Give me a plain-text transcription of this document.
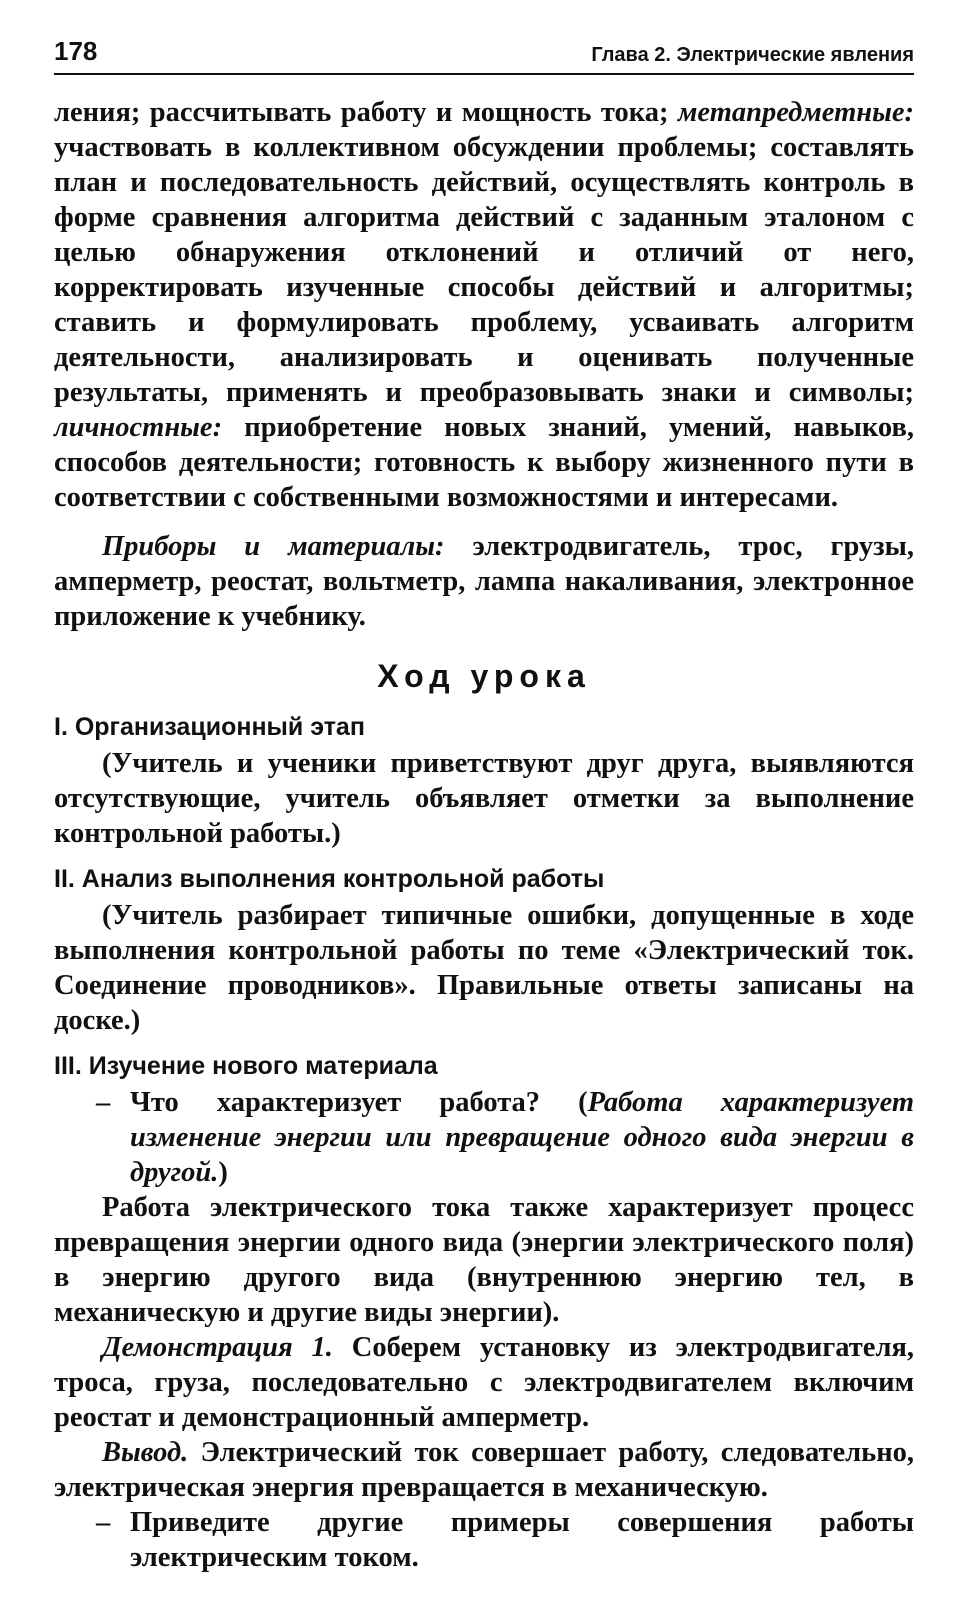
178	Глава 2. Электрические явления

ления; рассчитывать работу и мощность тока; метапредметные: участвовать в коллективном обсуждении проблемы; составлять план и последовательность действий, осуществлять контроль в форме сравнения алгоритма действий с заданным эталоном с целью обнаружения отклонений и отличий от него, корректировать изученные способы действий и алгоритмы; ставить и формулировать проблему, усваивать алгоритм деятельности, анализировать и оценивать полученные результаты, применять и преобразовывать знаки и символы; личностные: приобретение новых знаний, умений, навыков, способов деятельности; готовность к выбору жизненного пути в соответствии с собственными возможностями и интересами.

Приборы и материалы: электродвигатель, трос, грузы, амперметр, реостат, вольтметр, лампа накаливания, электронное приложение к учебнику.

Ход урока
I. Организационный этап

(Учитель и ученики приветствуют друг друга, выявляются отсутствующие, учитель объявляет отметки за выполнение контрольной работы.)

II. Анализ выполнения контрольной работы

(Учитель разбирает типичные ошибки, допущенные в ходе выполнения контрольной работы по теме «Электрический ток. Соединение проводников». Правильные ответы записаны на доске.)

III. Изучение нового материала
– Что характеризует работа? (Работа характеризует изменение энергии или превращение одного вида энергии в другой.)

Работа электрического тока также характеризует процесс превращения энергии одного вида (энергии электрического поля) в энергию другого вида (внутреннюю энергию тел, в механическую и другие виды энергии).

Демонстрация 1. Соберем установку из электродвигателя, троса, груза, последовательно с электродвигателем включим реостат и демонстрационный амперметр.

Вывод. Электрический ток совершает работу, следовательно, электрическая энергия превращается в механическую.

– Приведите другие примеры совершения работы электрическим током.
